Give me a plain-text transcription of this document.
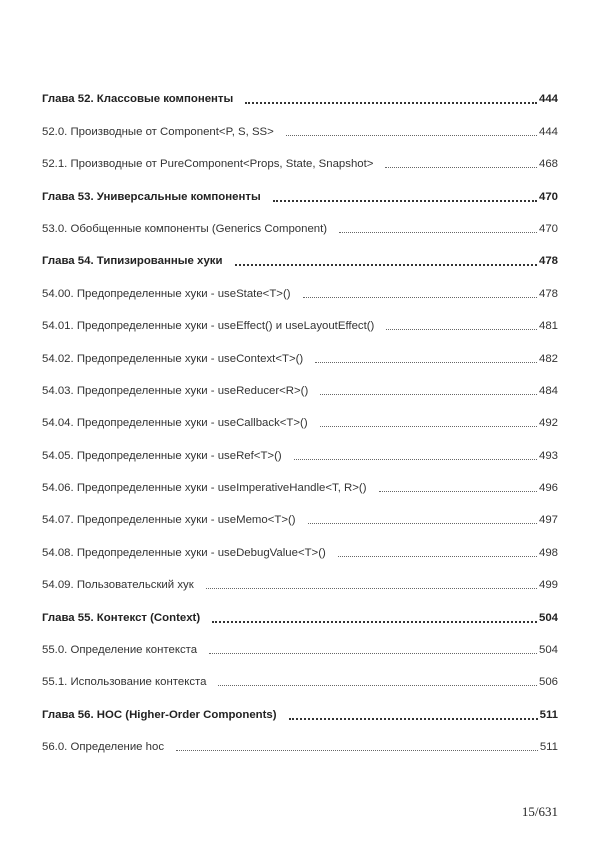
Глава 52. Классовые компоненты	444
52.0. Производные от Component<P, S, SS>	444
52.1. Производные от PureComponent<Props, State, Snapshot>	468
Глава 53. Универсальные компоненты	470
53.0. Обобщенные компоненты (Generics Component)	470
Глава 54. Типизированные хуки	478
54.00. Предопределенные хуки - useState<T>()	478
54.01. Предопределенные хуки - useEffect() и useLayoutEffect()	481
54.02. Предопределенные хуки - useContext<T>()	482
54.03. Предопределенные хуки - useReducer<R>()	484
54.04. Предопределенные хуки - useCallback<T>()	492
54.05. Предопределенные хуки - useRef<T>()	493
54.06. Предопределенные хуки - useImperativeHandle<T, R>()	496
54.07. Предопределенные хуки - useMemo<T>()	497
54.08. Предопределенные хуки - useDebugValue<T>()	498
54.09. Пользовательский хук	499
Глава 55. Контекст (Context)	504
55.0. Определение контекста	504
55.1. Использование контекста	506
Глава 56. HOC (Higher-Order Components)	511
56.0. Определение hoc	511
15/631
